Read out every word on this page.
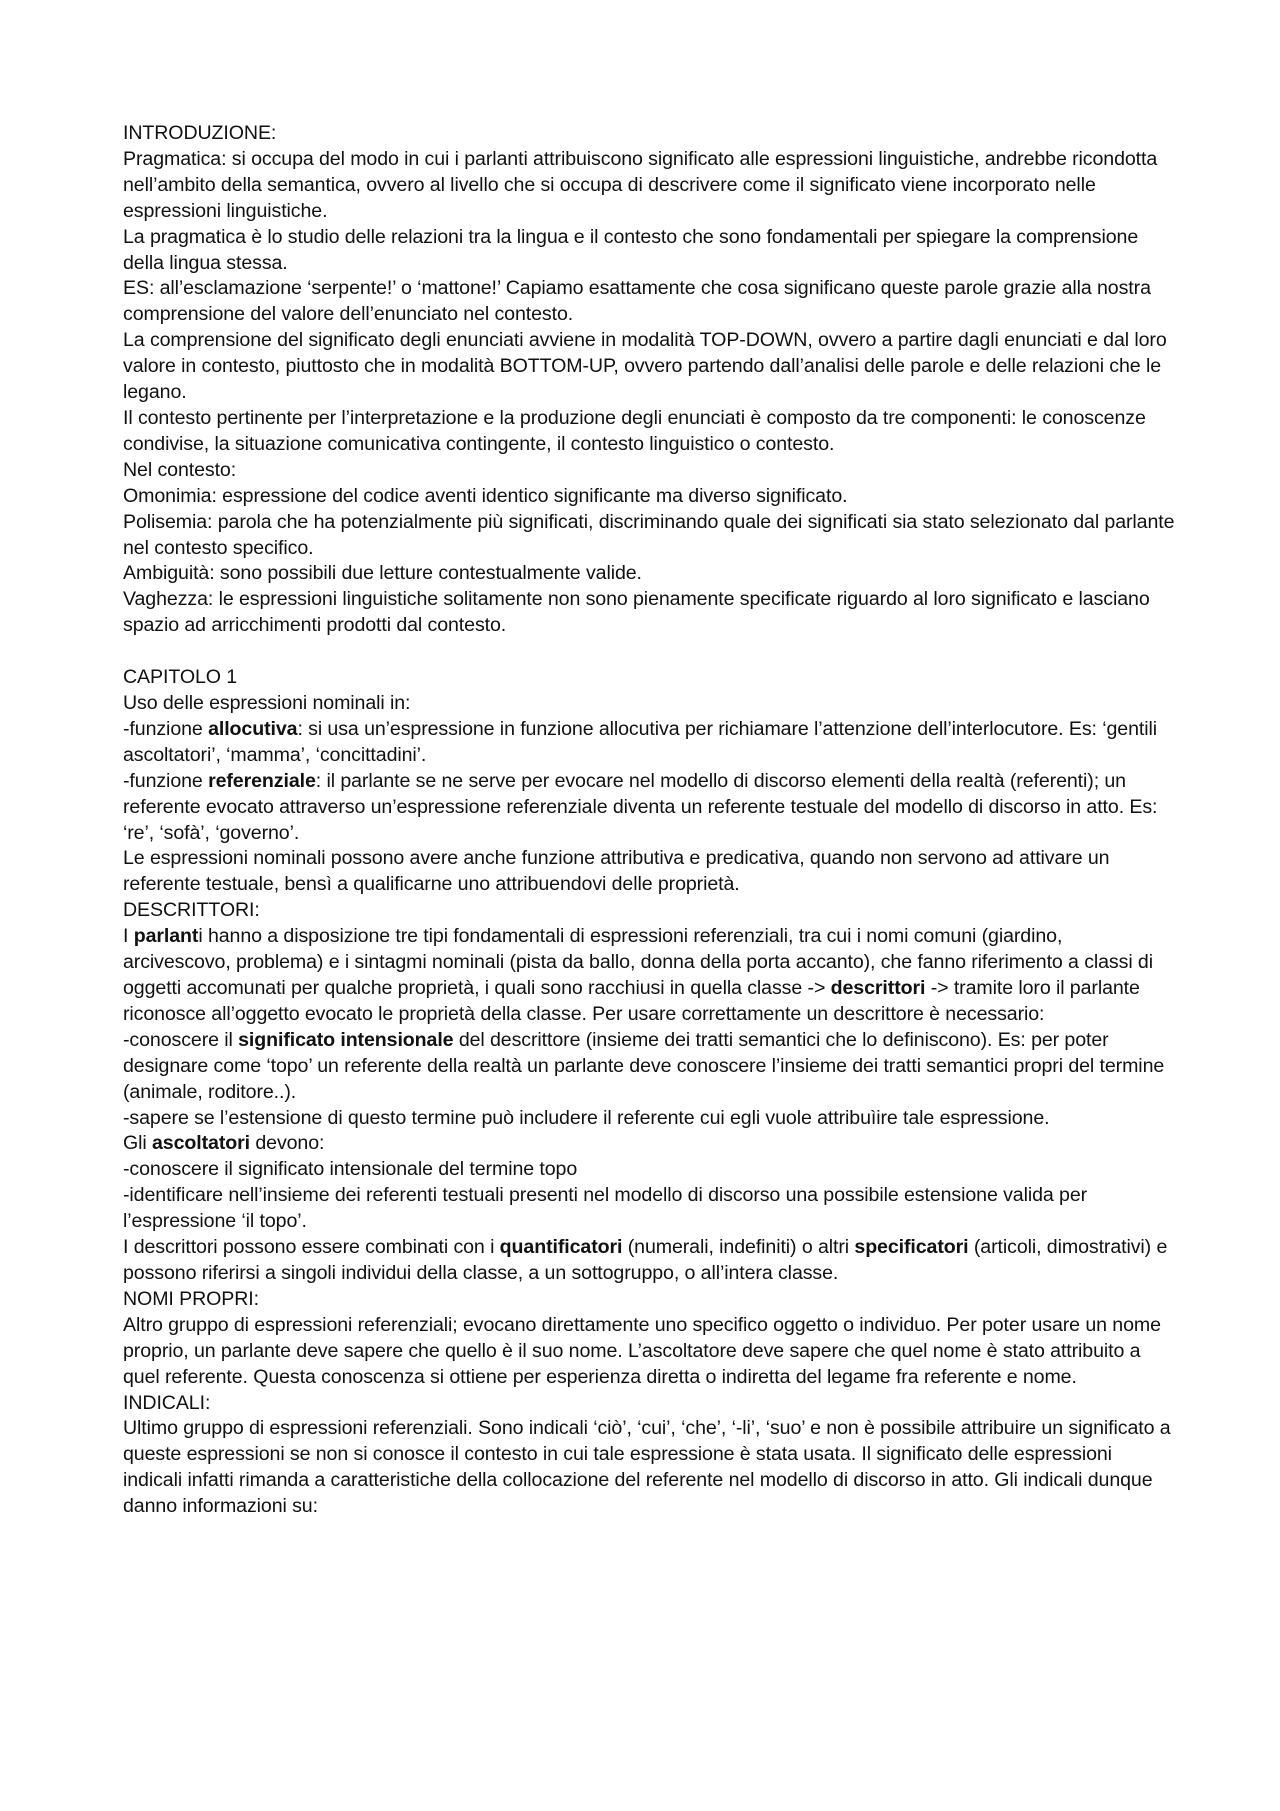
INTRODUZIONE:

Pragmatica: si occupa del modo in cui i parlanti attribuiscono significato alle espressioni linguistiche, andrebbe ricondotta nell’ambito della semantica, ovvero al livello che si occupa di descrivere come il significato viene incorporato nelle espressioni linguistiche.

La pragmatica è lo studio delle relazioni tra la lingua e il contesto che sono fondamentali per spiegare la comprensione della lingua stessa.

ES: all’esclamazione ‘serpente!’ o ‘mattone!’ Capiamo esattamente che cosa significano queste parole grazie alla nostra comprensione del valore dell’enunciato nel contesto.

La comprensione del significato degli enunciati avviene in modalità TOP-DOWN, ovvero a partire dagli enunciati e dal loro valore in contesto, piuttosto che in modalità BOTTOM-UP, ovvero partendo dall’analisi delle parole e delle relazioni che le legano.

Il contesto pertinente per l’interpretazione e la produzione degli enunciati è composto da tre componenti: le conoscenze condivise, la situazione comunicativa contingente, il contesto linguistico o contesto.

Nel contesto:

Omonimia: espressione del codice aventi identico significante ma diverso significato.

Polisemia: parola che ha potenzialmente più significati, discriminando quale dei significati sia stato selezionato dal parlante nel contesto specifico.

Ambiguità: sono possibili due letture contestualmente valide.

Vaghezza: le espressioni linguistiche solitamente non sono pienamente specificate riguardo al loro significato e lasciano spazio ad arricchimenti prodotti dal contesto.

CAPITOLO 1

Uso delle espressioni nominali in:

-funzione allocutiva: si usa un’espressione in funzione allocutiva per richiamare l’attenzione dell’interlocutore. Es: ‘gentili ascoltatori’, ‘mamma’, ‘concittadini’.

-funzione referenziale: il parlante se ne serve per evocare nel modello di discorso elementi della realtà (referenti); un referente evocato attraverso un’espressione referenziale diventa un referente testuale del modello di discorso in atto. Es: ‘re’, ‘sofà’, ‘governo’.

Le espressioni nominali possono avere anche funzione attributiva e predicativa, quando non servono ad attivare un referente testuale, bensì a qualificarne uno attribuendovi delle proprietà.

DESCRITTORI:

I parlanti hanno a disposizione tre tipi fondamentali di espressioni referenziali, tra cui i nomi comuni (giardino, arcivescovo, problema) e i sintagmi nominali (pista da ballo, donna della porta accanto), che fanno riferimento a classi di oggetti accomunati per qualche proprietà, i quali sono racchiusi in quella classe -> descrittori -> tramite loro il parlante riconosce all’oggetto evocato le proprietà della classe. Per usare correttamente un descrittore è necessario:

-conoscere il significato intensionale del descrittore (insieme dei tratti semantici che lo definiscono). Es: per poter designare come ‘topo’ un referente della realtà un parlante deve conoscere l’insieme dei tratti semantici propri del termine (animale, roditore..).

-sapere se l’estensione di questo termine può includere il referente cui egli vuole attribuìire tale espressione.

Gli ascoltatori devono:

-conoscere il significato intensionale del termine topo

-identificare nell’insieme dei referenti testuali presenti nel modello di discorso una possibile estensione valida per l’espressione ‘il topo’.

I descrittori possono essere combinati con i quantificatori (numerali, indefiniti) o altri specificatori (articoli, dimostrativi) e possono riferirsi a singoli individui della classe, a un sottogruppo, o all’intera classe.

NOMI PROPRI:

Altro gruppo di espressioni referenziali; evocano direttamente uno specifico oggetto o individuo. Per poter usare un nome proprio, un parlante deve sapere che quello è il suo nome. L’ascoltatore deve sapere che quel nome è stato attribuito a quel referente. Questa conoscenza si ottiene per esperienza diretta o indiretta del legame fra referente e nome.

INDICALI:

Ultimo gruppo di espressioni referenziali. Sono indicali ‘ciò’, ‘cui’, ‘che’, ‘-li’, ‘suo’ e non è possibile attribuire un significato a queste espressioni se non si conosce il contesto in cui tale espressione è stata usata. Il significato delle espressioni indicali infatti rimanda a caratteristiche della collocazione del referente nel modello di discorso in atto. Gli indicali dunque danno informazioni su:
